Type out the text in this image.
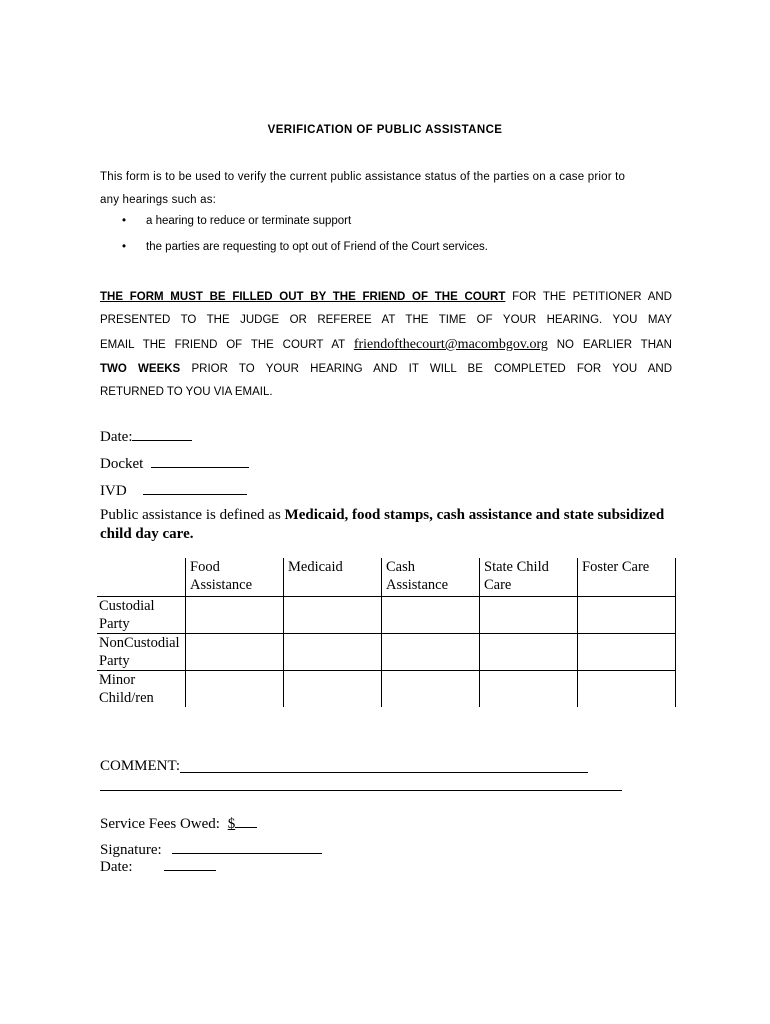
VERIFICATION OF PUBLIC ASSISTANCE
This form is to be used to verify the current public assistance status of the parties on a case prior to
any hearings such as:
• a hearing to reduce or terminate support
• the parties are requesting to opt out of Friend of the Court services.
THE FORM MUST BE FILLED OUT BY THE FRIEND OF THE COURT FOR THE PETITIONER AND
PRESENTED TO THE JUDGE OR REFEREE AT THE TIME OF YOUR HEARING. YOU MAY
EMAIL THE FRIEND OF THE COURT AT friendofthecourt@macombgov.org NO EARLIER THAN
TWO WEEKS PRIOR TO YOUR HEARING AND IT WILL BE COMPLETED FOR YOU AND
RETURNED TO YOU VIA EMAIL.
Date:
Docket
IVD
Public assistance is defined as Medicaid, food stamps, cash assistance and state subsidized child day care.
	Food Assistance	Medicaid	Cash Assistance	State Child Care	Foster Care
Custodial Party					
NonCustodial Party					
Minor Child/ren					
COMMENT:
Service Fees Owed: $
Signature:
Date:
